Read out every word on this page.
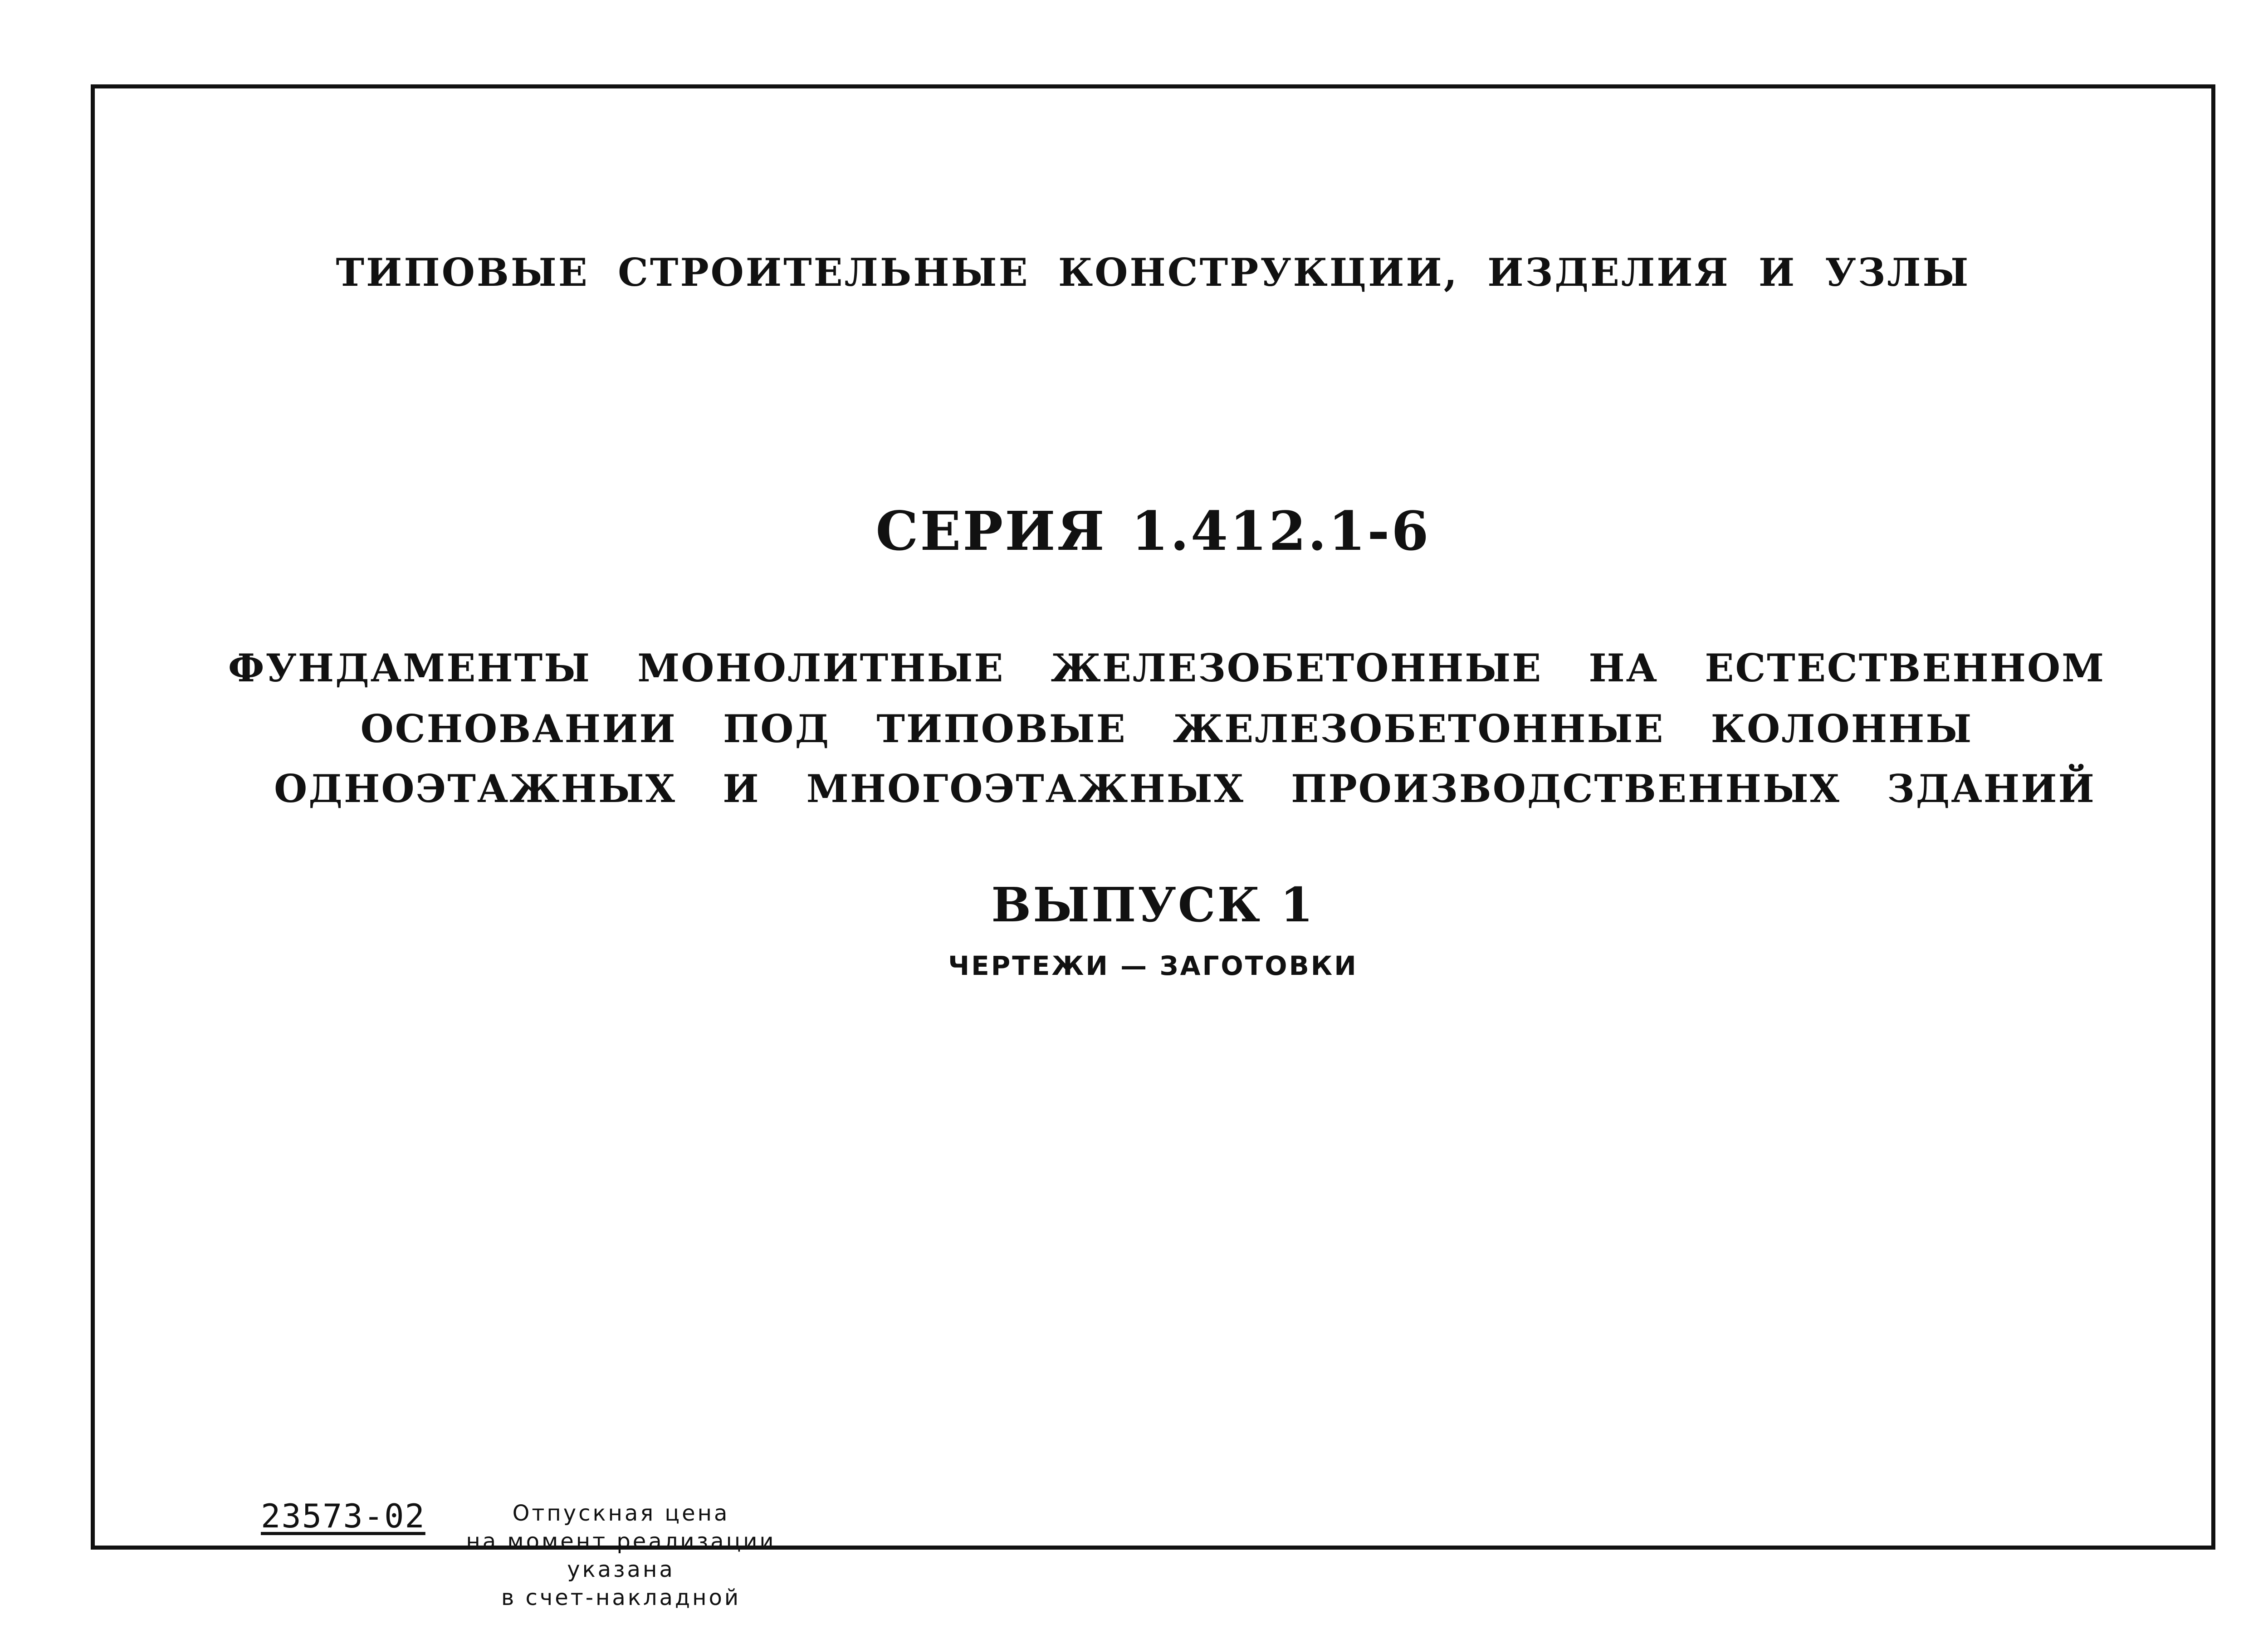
ТИПОВЫЕ СТРОИТЕЛЬНЫЕ КОНСТРУКЦИИ, ИЗДЕЛИЯ И УЗЛЫ
СЕРИЯ 1.412.1-6
ФУНДАМЕНТЫ МОНОЛИТНЫЕ ЖЕЛЕЗОБЕТОННЫЕ НА ЕСТЕСТВЕННОМ
ОСНОВАНИИ ПОД ТИПОВЫЕ ЖЕЛЕЗОБЕТОННЫЕ КОЛОННЫ
ОДНОЭТАЖНЫХ И МНОГОЭТАЖНЫХ ПРОИЗВОДСТВЕННЫХ ЗДАНИЙ
ВЫПУСК 1
ЧЕРТЕЖИ — ЗАГОТОВКИ
23573-02	Отпускная цена
на момент реализации
указана
в счет-накладной
